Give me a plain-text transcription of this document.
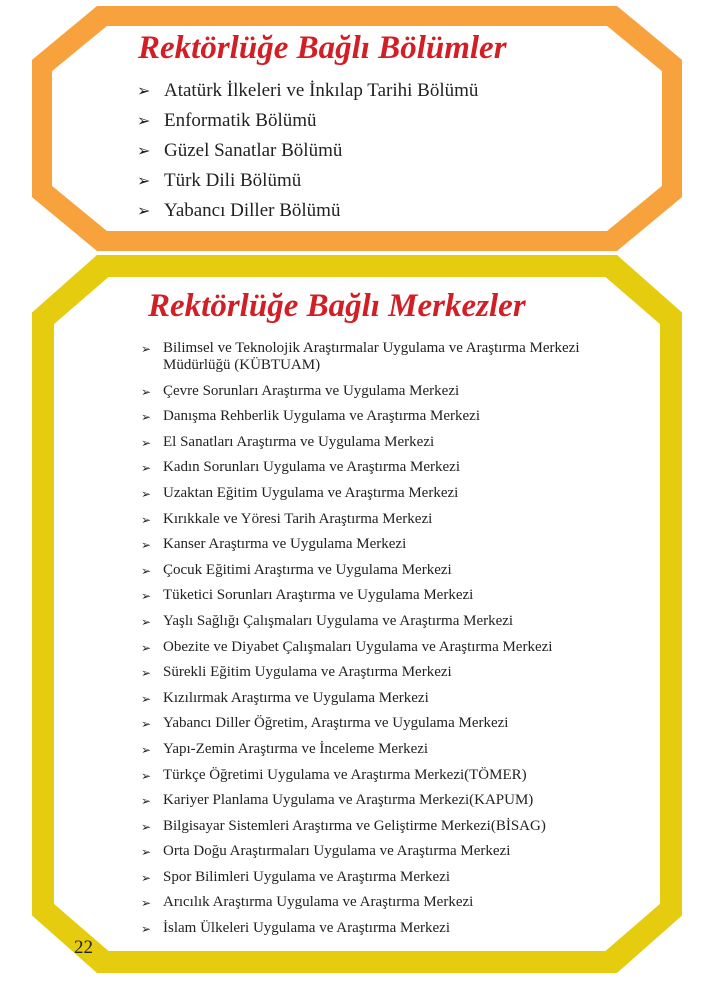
Rektörlüğe Bağlı Bölümler
➢ Atatürk İlkeleri ve İnkılap Tarihi Bölümü
➢ Enformatik Bölümü
➢ Güzel Sanatlar Bölümü
➢ Türk Dili Bölümü
➢ Yabancı Diller Bölümü
Rektörlüğe Bağlı Merkezler
➢ Bilimsel ve Teknolojik Araştırmalar Uygulama ve Araştırma Merkezi Müdürlüğü (KÜBTUAM)
➢ Çevre Sorunları Araştırma ve Uygulama Merkezi
➢ Danışma Rehberlik Uygulama ve Araştırma Merkezi
➢ El Sanatları Araştırma ve Uygulama Merkezi
➢ Kadın Sorunları Uygulama ve Araştırma Merkezi
➢ Uzaktan Eğitim Uygulama ve Araştırma Merkezi
➢ Kırıkkale ve Yöresi Tarih Araştırma Merkezi
➢ Kanser Araştırma ve Uygulama Merkezi
➢ Çocuk Eğitimi Araştırma ve Uygulama Merkezi
➢ Tüketici Sorunları Araştırma ve Uygulama Merkezi
➢ Yaşlı Sağlığı Çalışmaları Uygulama ve Araştırma Merkezi
➢ Obezite ve Diyabet Çalışmaları Uygulama ve Araştırma Merkezi
➢ Sürekli Eğitim Uygulama ve Araştırma Merkezi
➢ Kızılırmak Araştırma ve Uygulama Merkezi
➢ Yabancı Diller Öğretim, Araştırma ve Uygulama Merkezi
➢ Yapı-Zemin Araştırma ve İnceleme Merkezi
➢ Türkçe Öğretimi Uygulama ve Araştırma Merkezi(TÖMER)
➢ Kariyer Planlama Uygulama ve Araştırma Merkezi(KAPUM)
➢ Bilgisayar Sistemleri Araştırma ve Geliştirme Merkezi(BİSAG)
➢ Orta Doğu Araştırmaları Uygulama ve Araştırma Merkezi
➢ Spor Bilimleri Uygulama ve Araştırma Merkezi
➢ Arıcılık Araştırma Uygulama ve Araştırma Merkezi
➢ İslam Ülkeleri Uygulama ve Araştırma Merkezi
22
